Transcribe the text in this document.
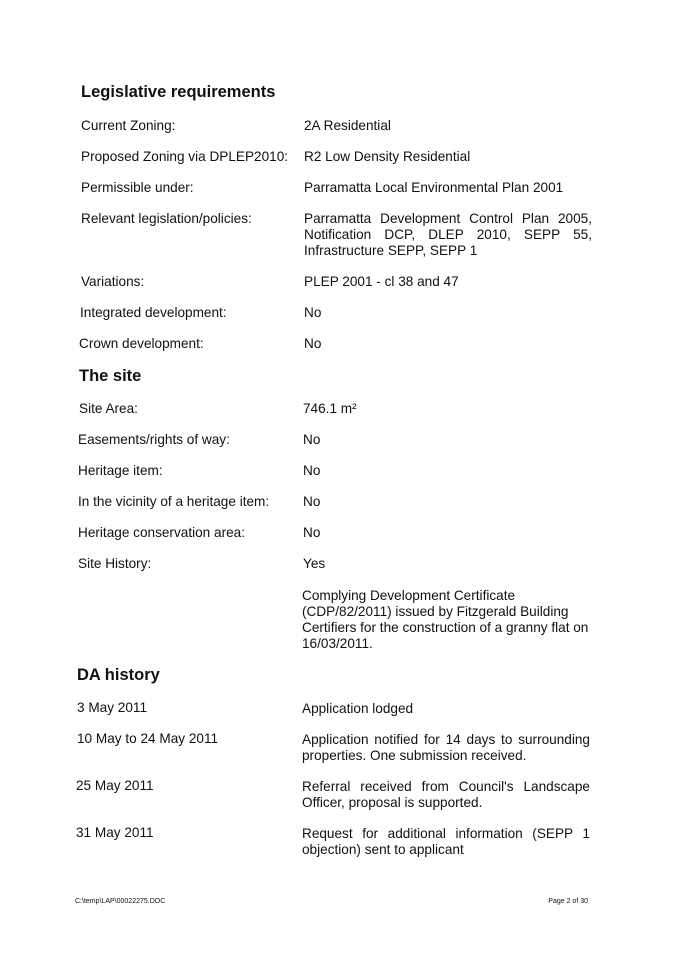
Legislative requirements
Current Zoning:	2A Residential
Proposed Zoning via DPLEP2010: R2 Low Density Residential
Permissible under:	Parramatta Local Environmental Plan 2001
Relevant legislation/policies:	Parramatta Development Control Plan 2005, Notification DCP, DLEP 2010, SEPP 55, Infrastructure SEPP, SEPP 1
Variations:	PLEP 2001 - cl 38 and 47
Integrated development:	No
Crown development:	No
The site
Site Area:	746.1 m²
Easements/rights of way:	No
Heritage item:	No
In the vicinity of a heritage item: No
Heritage conservation area:	No
Site History:	Yes
Complying Development Certificate (CDP/82/2011) issued by Fitzgerald Building Certifiers for the construction of a granny flat on 16/03/2011.
DA history
3 May 2011	Application lodged
10 May to 24 May 2011	Application notified for 14 days to surrounding properties. One submission received.
25 May 2011	Referral received from Council's Landscape Officer, proposal is supported.
31 May 2011	Request for additional information (SEPP 1 objection) sent to applicant
C:\temp\LAP\00022275.DOC	Page 2 of 30
